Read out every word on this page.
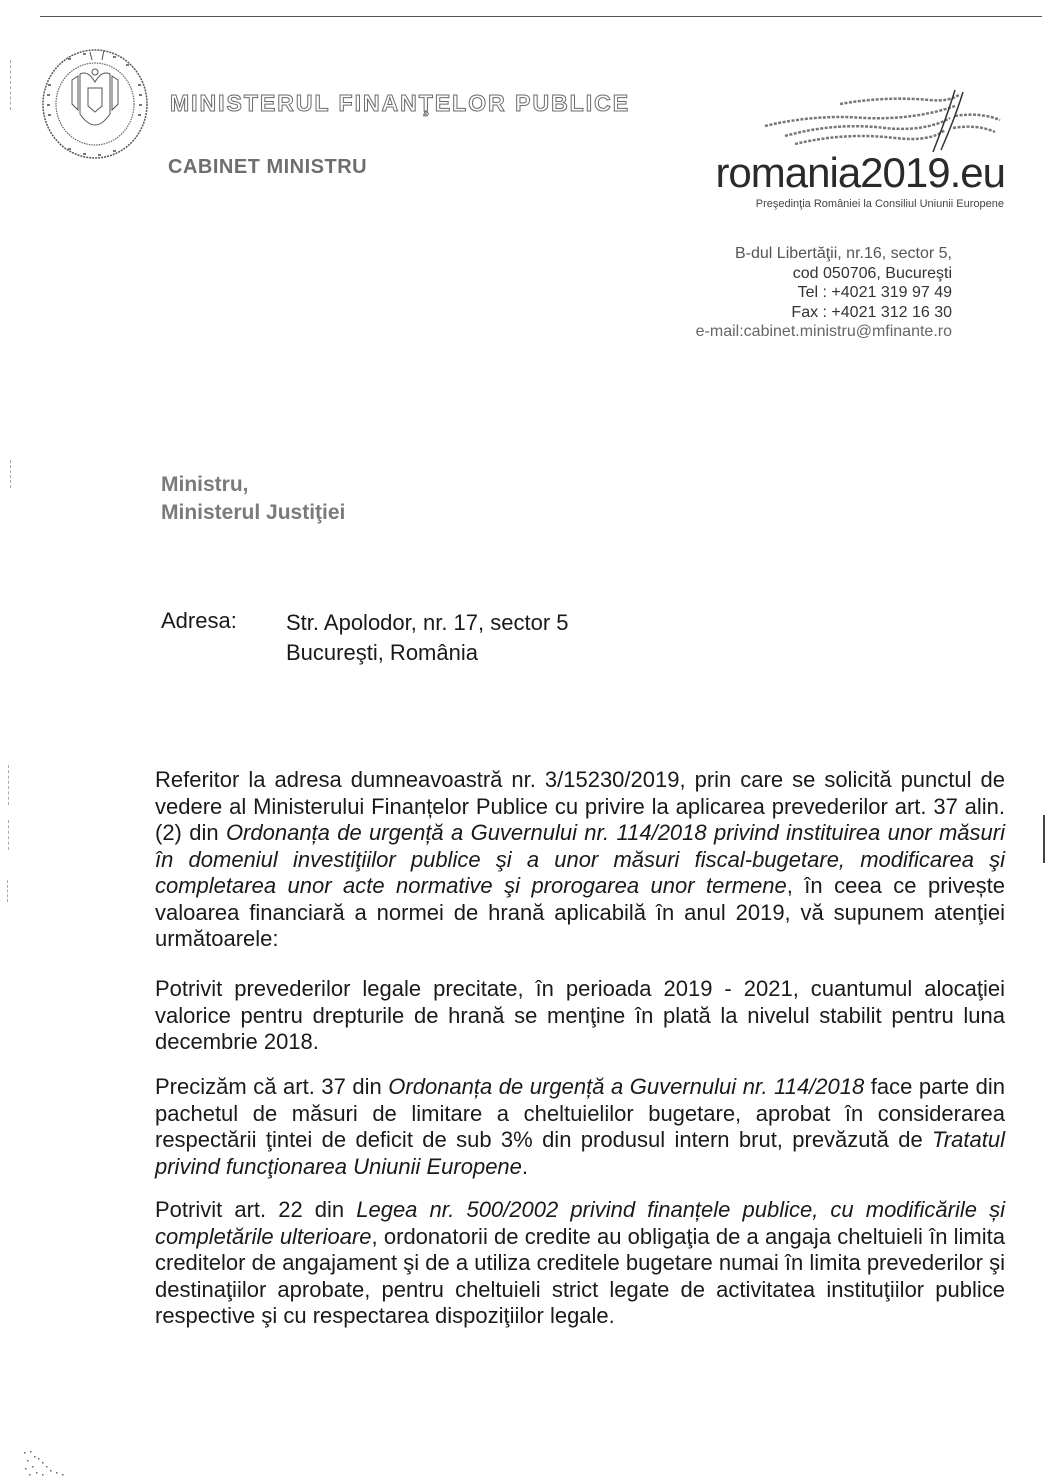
MINISTERUL FINANŢELOR PUBLICE
CABINET MINISTRU	romania2019.eu
Preşedinţia României la Consiliul Uniunii Europene
B-dul Libertăţii, nr.16, sector 5,
cod 050706, Bucureşti
Tel : +4021 319 97 49
Fax : +4021 312 16 30
e-mail:cabinet.ministru@mfinante.ro
Ministru,
Ministerul Justiţiei
Adresa: Str. Apolodor, nr. 17, sector 5
Bucureşti, România
Referitor la adresa dumneavoastră nr. 3/15230/2019, prin care se solicită punctul de vedere al Ministerului Finanțelor Publice cu privire la aplicarea prevederilor art. 37 alin. (2) din Ordonanța de urgență a Guvernului nr. 114/2018 privind instituirea unor măsuri în domeniul investiţiilor publice şi a unor măsuri fiscal-bugetare, modificarea şi completarea unor acte normative şi prorogarea unor termene, în ceea ce privește valoarea financiară a normei de hrană aplicabilă în anul 2019, vă supunem atenţiei următoarele:
Potrivit prevederilor legale precitate, în perioada 2019 - 2021, cuantumul alocaţiei valorice pentru drepturile de hrană se menţine în plată la nivelul stabilit pentru luna decembrie 2018.
Precizăm că art. 37 din Ordonanța de urgență a Guvernului nr. 114/2018 face parte din pachetul de măsuri de limitare a cheltuielilor bugetare, aprobat în considerarea respectării ţintei de deficit de sub 3% din produsul intern brut, prevăzută de Tratatul privind funcţionarea Uniunii Europene.
Potrivit art. 22 din Legea nr. 500/2002 privind finanțele publice, cu modificările și completările ulterioare, ordonatorii de credite au obligaţia de a angaja cheltuieli în limita creditelor de angajament şi de a utiliza creditele bugetare numai în limita prevederilor şi destinaţiilor aprobate, pentru cheltuieli strict legate de activitatea instituţiilor publice respective şi cu respectarea dispoziţiilor legale.
